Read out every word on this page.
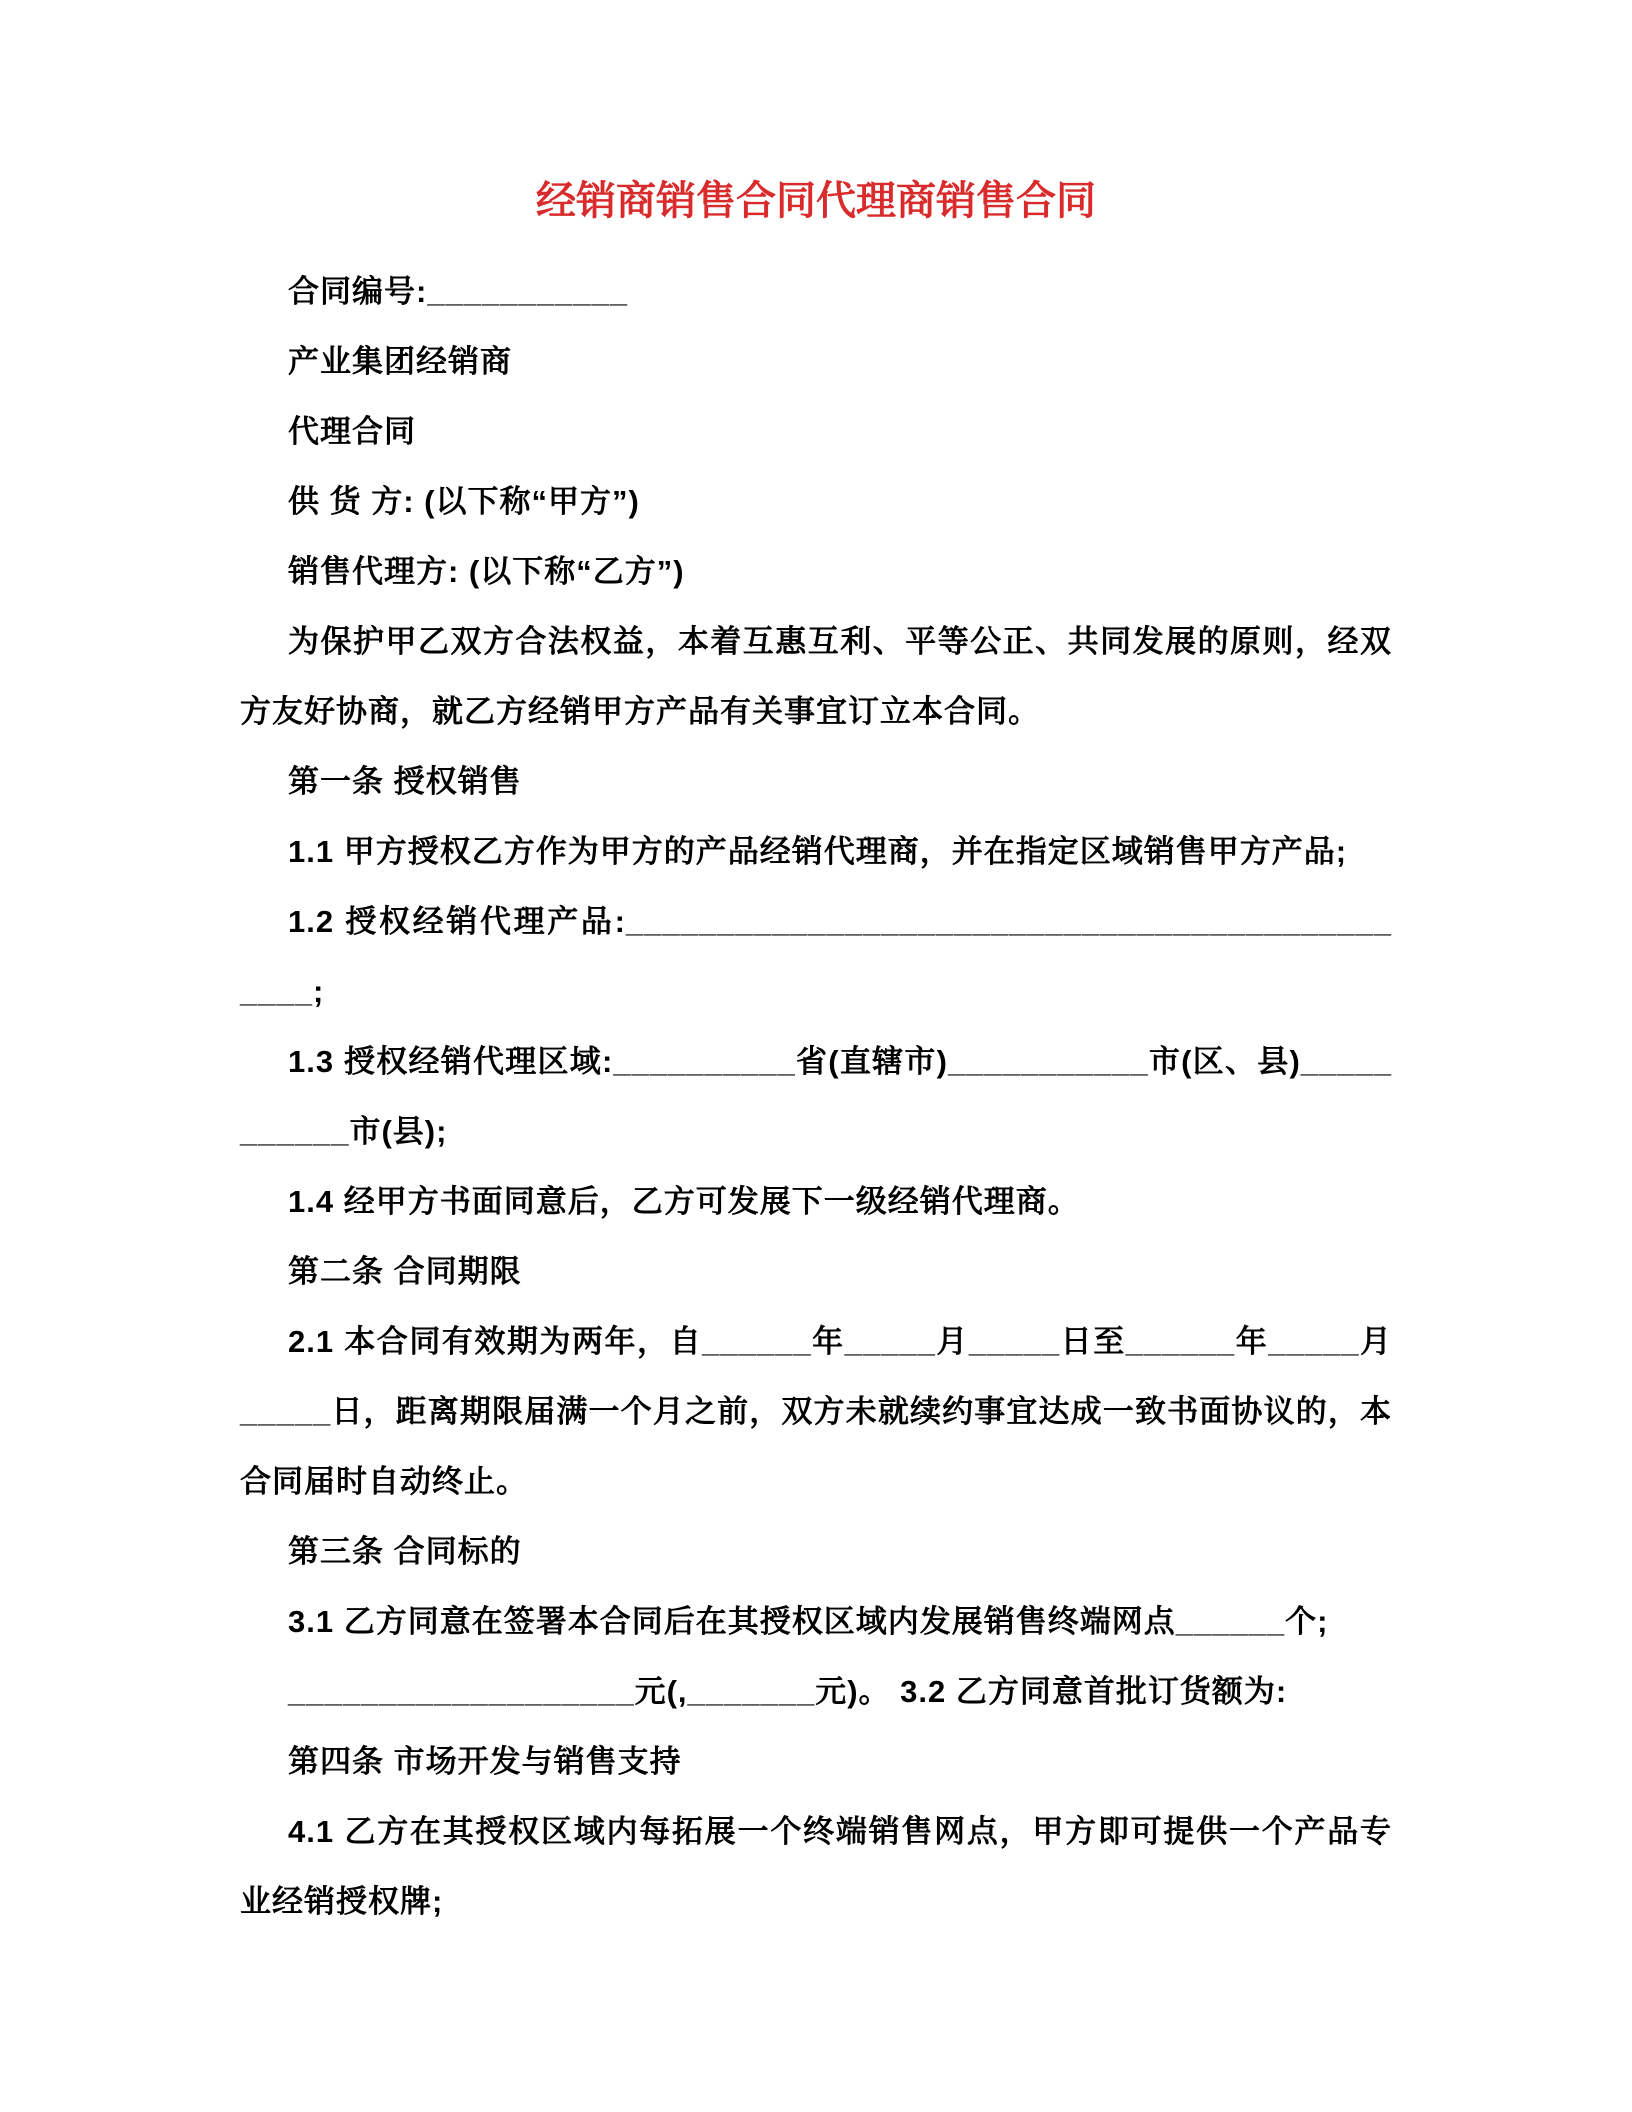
经销商销售合同代理商销售合同

合同编号:___________

产业集团经销商

代理合同

供 货 方: (以下称“甲方”)

销售代理方: (以下称“乙方”)

为保护甲乙双方合法权益，本着互惠互利、平等公正、共同发展的原则，经双方友好协商，就乙方经销甲方产品有关事宜订立本合同。

第一条 授权销售

1.1 甲方授权乙方作为甲方的产品经销代理商，并在指定区域销售甲方产品;

1.2 授权经销代理产品:______________________________________________;

1.3 授权经销代理区域:__________省(直辖市)___________市(区、县)___________市(县);

1.4 经甲方书面同意后，乙方可发展下一级经销代理商。

第二条 合同期限

2.1 本合同有效期为两年，自______年_____月_____日至______年_____月_____日，距离期限届满一个月之前，双方未就续约事宜达成一致书面协议的，本合同届时自动终止。

第三条 合同标的

3.1 乙方同意在签署本合同后在其授权区域内发展销售终端网点______个;

___________________元(,_______元)。 3.2 乙方同意首批订货额为:

第四条 市场开发与销售支持

4.1 乙方在其授权区域内每拓展一个终端销售网点，甲方即可提供一个产品专业经销授权牌;
